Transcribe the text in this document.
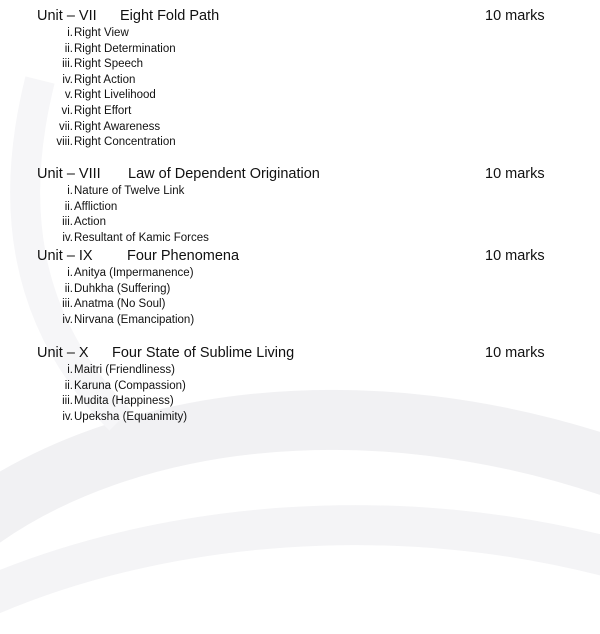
Unit – VII Eight Fold Path	10 marks
i. Right View
ii. Right Determination
iii. Right Speech
iv. Right Action
v. Right Livelihood
vi. Right Effort
vii. Right Awareness
viii. Right Concentration
Unit – VIII Law of Dependent Origination	10 marks
i. Nature of Twelve Link
ii. Affliction
iii. Action
iv. Resultant of Kamic Forces
Unit – IX Four Phenomena	10 marks
i. Anitya (Impermanence)
ii. Duhkha (Suffering)
iii. Anatma (No Soul)
iv. Nirvana (Emancipation)
Unit – X Four State of Sublime Living	10 marks
i. Maitri (Friendliness)
ii. Karuna (Compassion)
iii. Mudita (Happiness)
iv. Upeksha (Equanimity)
